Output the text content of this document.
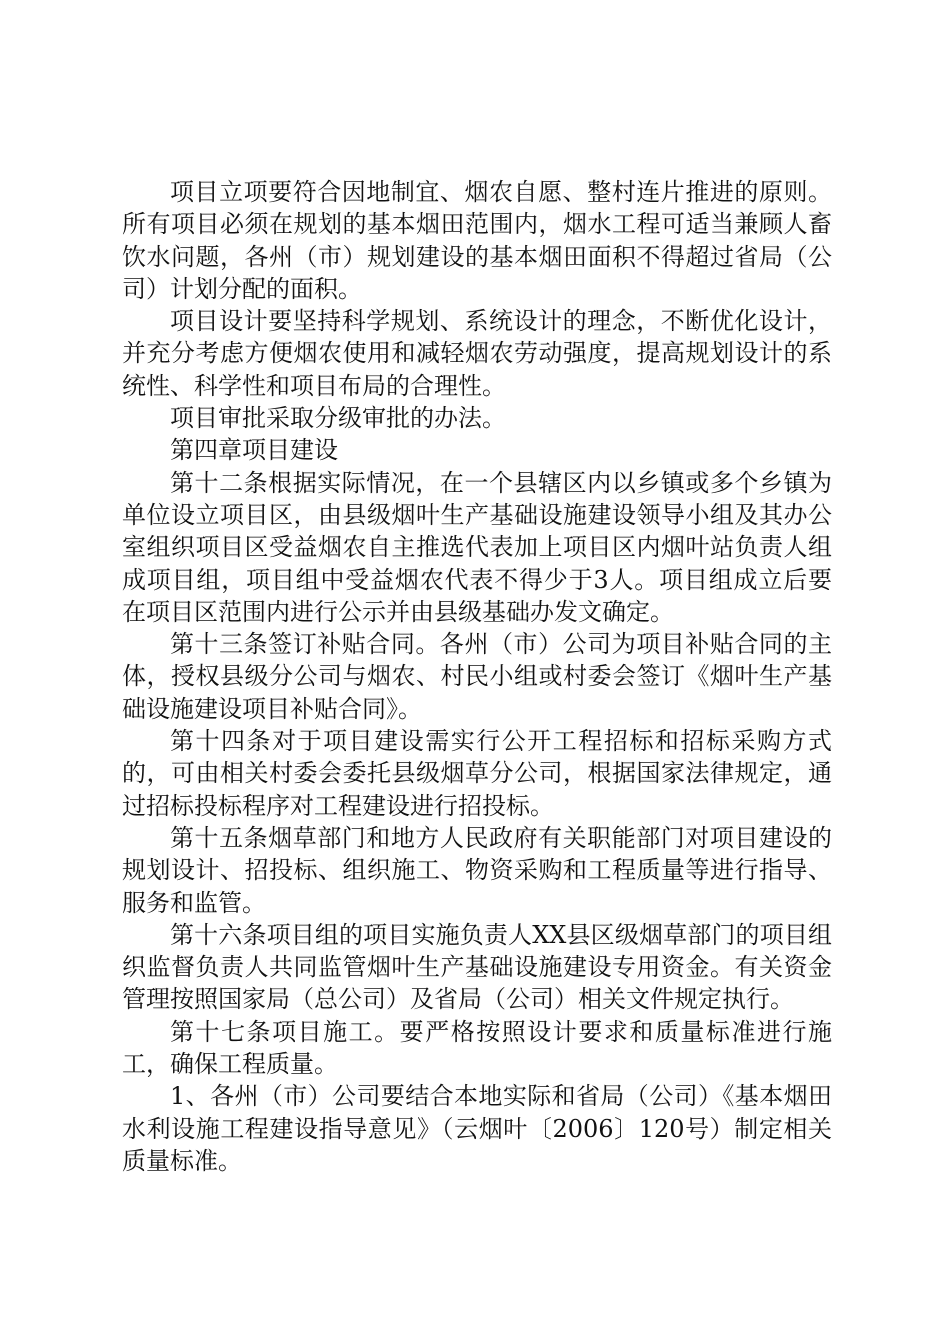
项目立项要符合因地制宜、烟农自愿、整村连片推进的原则。所有项目必须在规划的基本烟田范围内，烟水工程可适当兼顾人畜饮水问题，各州（市）规划建设的基本烟田面积不得超过省局（公司）计划分配的面积。

项目设计要坚持科学规划、系统设计的理念，不断优化设计，并充分考虑方便烟农使用和减轻烟农劳动强度，提高规划设计的系统性、科学性和项目布局的合理性。

项目审批采取分级审批的办法。

第四章项目建设

第十二条根据实际情况，在一个县辖区内以乡镇或多个乡镇为单位设立项目区，由县级烟叶生产基础设施建设领导小组及其办公室组织项目区受益烟农自主推选代表加上项目区内烟叶站负责人组成项目组，项目组中受益烟农代表不得少于3人。项目组成立后要在项目区范围内进行公示并由县级基础办发文确定。

第十三条签订补贴合同。各州（市）公司为项目补贴合同的主体，授权县级分公司与烟农、村民小组或村委会签订《烟叶生产基础设施建设项目补贴合同》。

第十四条对于项目建设需实行公开工程招标和招标采购方式的，可由相关村委会委托县级烟草分公司，根据国家法律规定，通过招标投标程序对工程建设进行招投标。

第十五条烟草部门和地方人民政府有关职能部门对项目建设的规划设计、招投标、组织施工、物资采购和工程质量等进行指导、服务和监管。

第十六条项目组的项目实施负责人XX县区级烟草部门的项目组织监督负责人共同监管烟叶生产基础设施建设专用资金。有关资金管理按照国家局（总公司）及省局（公司）相关文件规定执行。

第十七条项目施工。要严格按照设计要求和质量标准进行施工，确保工程质量。

1、各州（市）公司要结合本地实际和省局（公司）《基本烟田水利设施工程建设指导意见》（云烟叶〔2006〕120号）制定相关质量标准。
